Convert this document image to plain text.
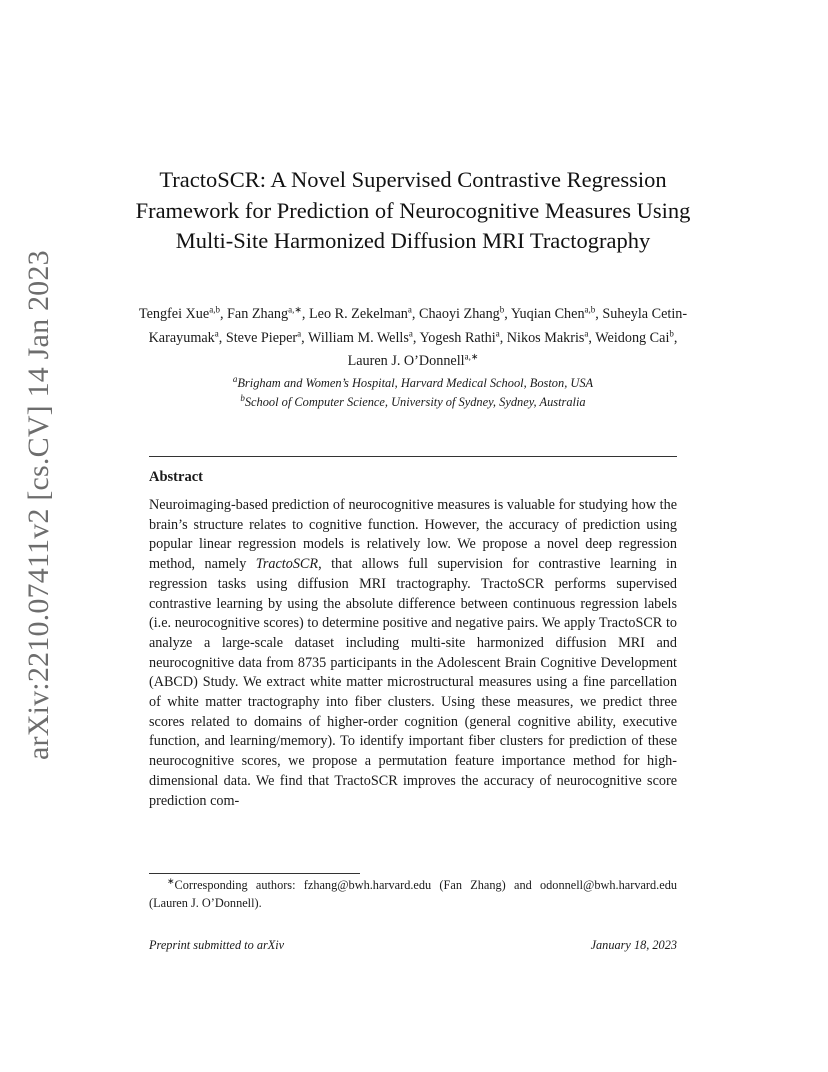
arXiv:2210.07411v2 [cs.CV] 14 Jan 2023
TractoSCR: A Novel Supervised Contrastive Regression Framework for Prediction of Neurocognitive Measures Using Multi-Site Harmonized Diffusion MRI Tractography
Tengfei Xue$^{a,b}$, Fan Zhang$^{a,∗}$, Leo R. Zekelman$^a$, Chaoyi Zhang$^b$, Yuqian Chen$^{a,b}$, Suheyla Cetin-Karayumak$^a$, Steve Pieper$^a$, William M. Wells$^a$, Yogesh Rathi$^a$, Nikos Makris$^a$, Weidong Cai$^b$, Lauren J. O’Donnell$^{a,∗}$
$^a$Brigham and Women’s Hospital, Harvard Medical School, Boston, USA
$^b$School of Computer Science, University of Sydney, Sydney, Australia
Abstract
Neuroimaging-based prediction of neurocognitive measures is valuable for studying how the brain’s structure relates to cognitive function. However, the accuracy of prediction using popular linear regression models is relatively low. We propose a novel deep regression method, namely TractoSCR, that allows full supervision for contrastive learning in regression tasks using diffusion MRI tractography. TractoSCR performs supervised contrastive learning by using the absolute difference between continuous regression labels (i.e. neurocognitive scores) to determine positive and negative pairs. We apply TractoSCR to analyze a large-scale dataset including multi-site harmonized diffusion MRI and neurocognitive data from 8735 participants in the Adolescent Brain Cognitive Development (ABCD) Study. We extract white matter microstructural measures using a fine parcellation of white matter tractography into fiber clusters. Using these measures, we predict three scores related to domains of higher-order cognition (general cognitive ability, executive function, and learning/memory). To identify important fiber clusters for prediction of these neurocognitive scores, we propose a permutation feature importance method for high-dimensional data. We find that TractoSCR improves the accuracy of neurocognitive score prediction com-
∗Corresponding authors: fzhang@bwh.harvard.edu (Fan Zhang) and odonnell@bwh.harvard.edu (Lauren J. O’Donnell).
Preprint submitted to arXiv	January 18, 2023
